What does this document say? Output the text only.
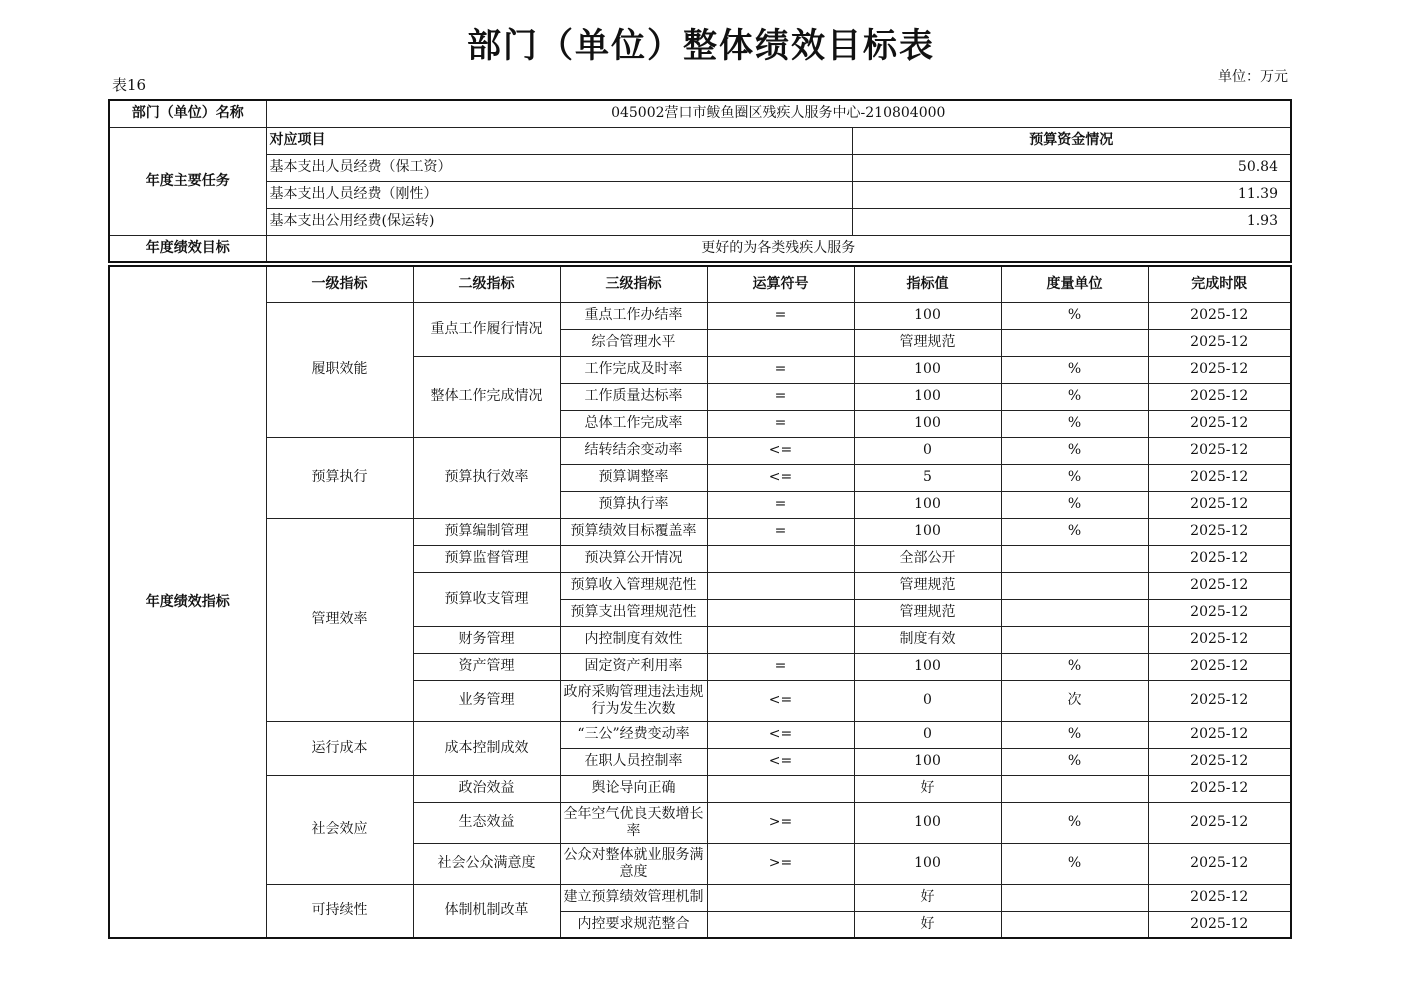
部门（单位）整体绩效目标表
表16	单位：万元
部门（单位）名称	045002营口市鲅鱼圈区残疾人服务中心-210804000	
年度主要任务	对应项目	预算资金情况
	基本支出人员经费（保工资）	50.84
	基本支出人员经费（刚性）	11.39
	基本支出公用经费(保运转)	1.93
年度绩效目标	更好的为各类残疾人服务	
年度绩效指标	一级指标	二级指标	三级指标	运算符号	指标值	度量单位	完成时限
	履职效能	重点工作履行情况	重点工作办结率	=	100	%	2025-12
			综合管理水平		管理规范		2025-12
		整体工作完成情况	工作完成及时率	=	100	%	2025-12
			工作质量达标率	=	100	%	2025-12
			总体工作完成率	=	100	%	2025-12
	预算执行	预算执行效率	结转结余变动率	<=	0	%	2025-12
			预算调整率	<=	5	%	2025-12
			预算执行率	=	100	%	2025-12
	管理效率	预算编制管理	预算绩效目标覆盖率	=	100	%	2025-12
		预算监督管理	预决算公开情况		全部公开		2025-12
		预算收支管理	预算收入管理规范性		管理规范		2025-12
			预算支出管理规范性		管理规范		2025-12
		财务管理	内控制度有效性		制度有效		2025-12
		资产管理	固定资产利用率	=	100	%	2025-12
		业务管理	政府采购管理违法违规行为发生次数	<=	0	次	2025-12
	运行成本	成本控制成效	“三公”经费变动率	<=	0	%	2025-12
			在职人员控制率	<=	100	%	2025-12
	社会效应	政治效益	舆论导向正确		好		2025-12
		生态效益	全年空气优良天数增长率	>=	100	%	2025-12
		社会公众满意度	公众对整体就业服务满意度	>=	100	%	2025-12
	可持续性	体制机制改革	建立预算绩效管理机制		好		2025-12
			内控要求规范整合		好		2025-12
